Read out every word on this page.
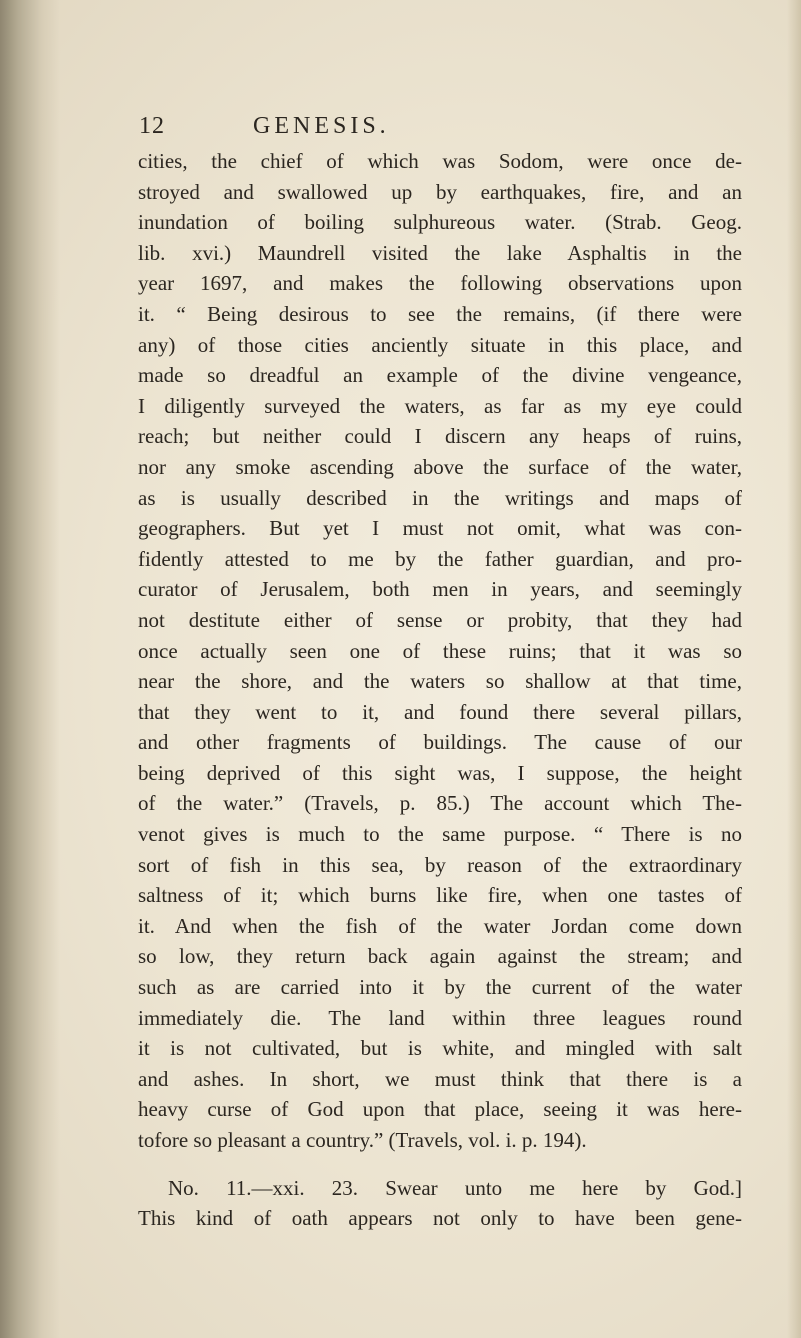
12	GENESIS.
cities, the chief of which was Sodom, were once de-
stroyed and swallowed up by earthquakes, fire, and an
inundation of boiling sulphureous water. (Strab. Geog.
lib. xvi.) Maundrell visited the lake Asphaltis in the
year 1697, and makes the following observations upon
it. “ Being desirous to see the remains, (if there were
any) of those cities anciently situate in this place, and
made so dreadful an example of the divine vengeance,
I diligently surveyed the waters, as far as my eye could
reach; but neither could I discern any heaps of ruins,
nor any smoke ascending above the surface of the water,
as is usually described in the writings and maps of
geographers. But yet I must not omit, what was con-
fidently attested to me by the father guardian, and pro-
curator of Jerusalem, both men in years, and seemingly
not destitute either of sense or probity, that they had
once actually seen one of these ruins; that it was so
near the shore, and the waters so shallow at that time,
that they went to it, and found there several pillars,
and other fragments of buildings. The cause of our
being deprived of this sight was, I suppose, the height
of the water.” (Travels, p. 85.) The account which The-
venot gives is much to the same purpose. “ There is no
sort of fish in this sea, by reason of the extraordinary
saltness of it; which burns like fire, when one tastes of
it. And when the fish of the water Jordan come down
so low, they return back again against the stream; and
such as are carried into it by the current of the water
immediately die. The land within three leagues round
it is not cultivated, but is white, and mingled with salt
and ashes. In short, we must think that there is a
heavy curse of God upon that place, seeing it was here-
tofore so pleasant a country.” (Travels, vol. i. p. 194).
No. 11.—xxi. 23. Swear unto me here by God.]
This kind of oath appears not only to have been gene-
